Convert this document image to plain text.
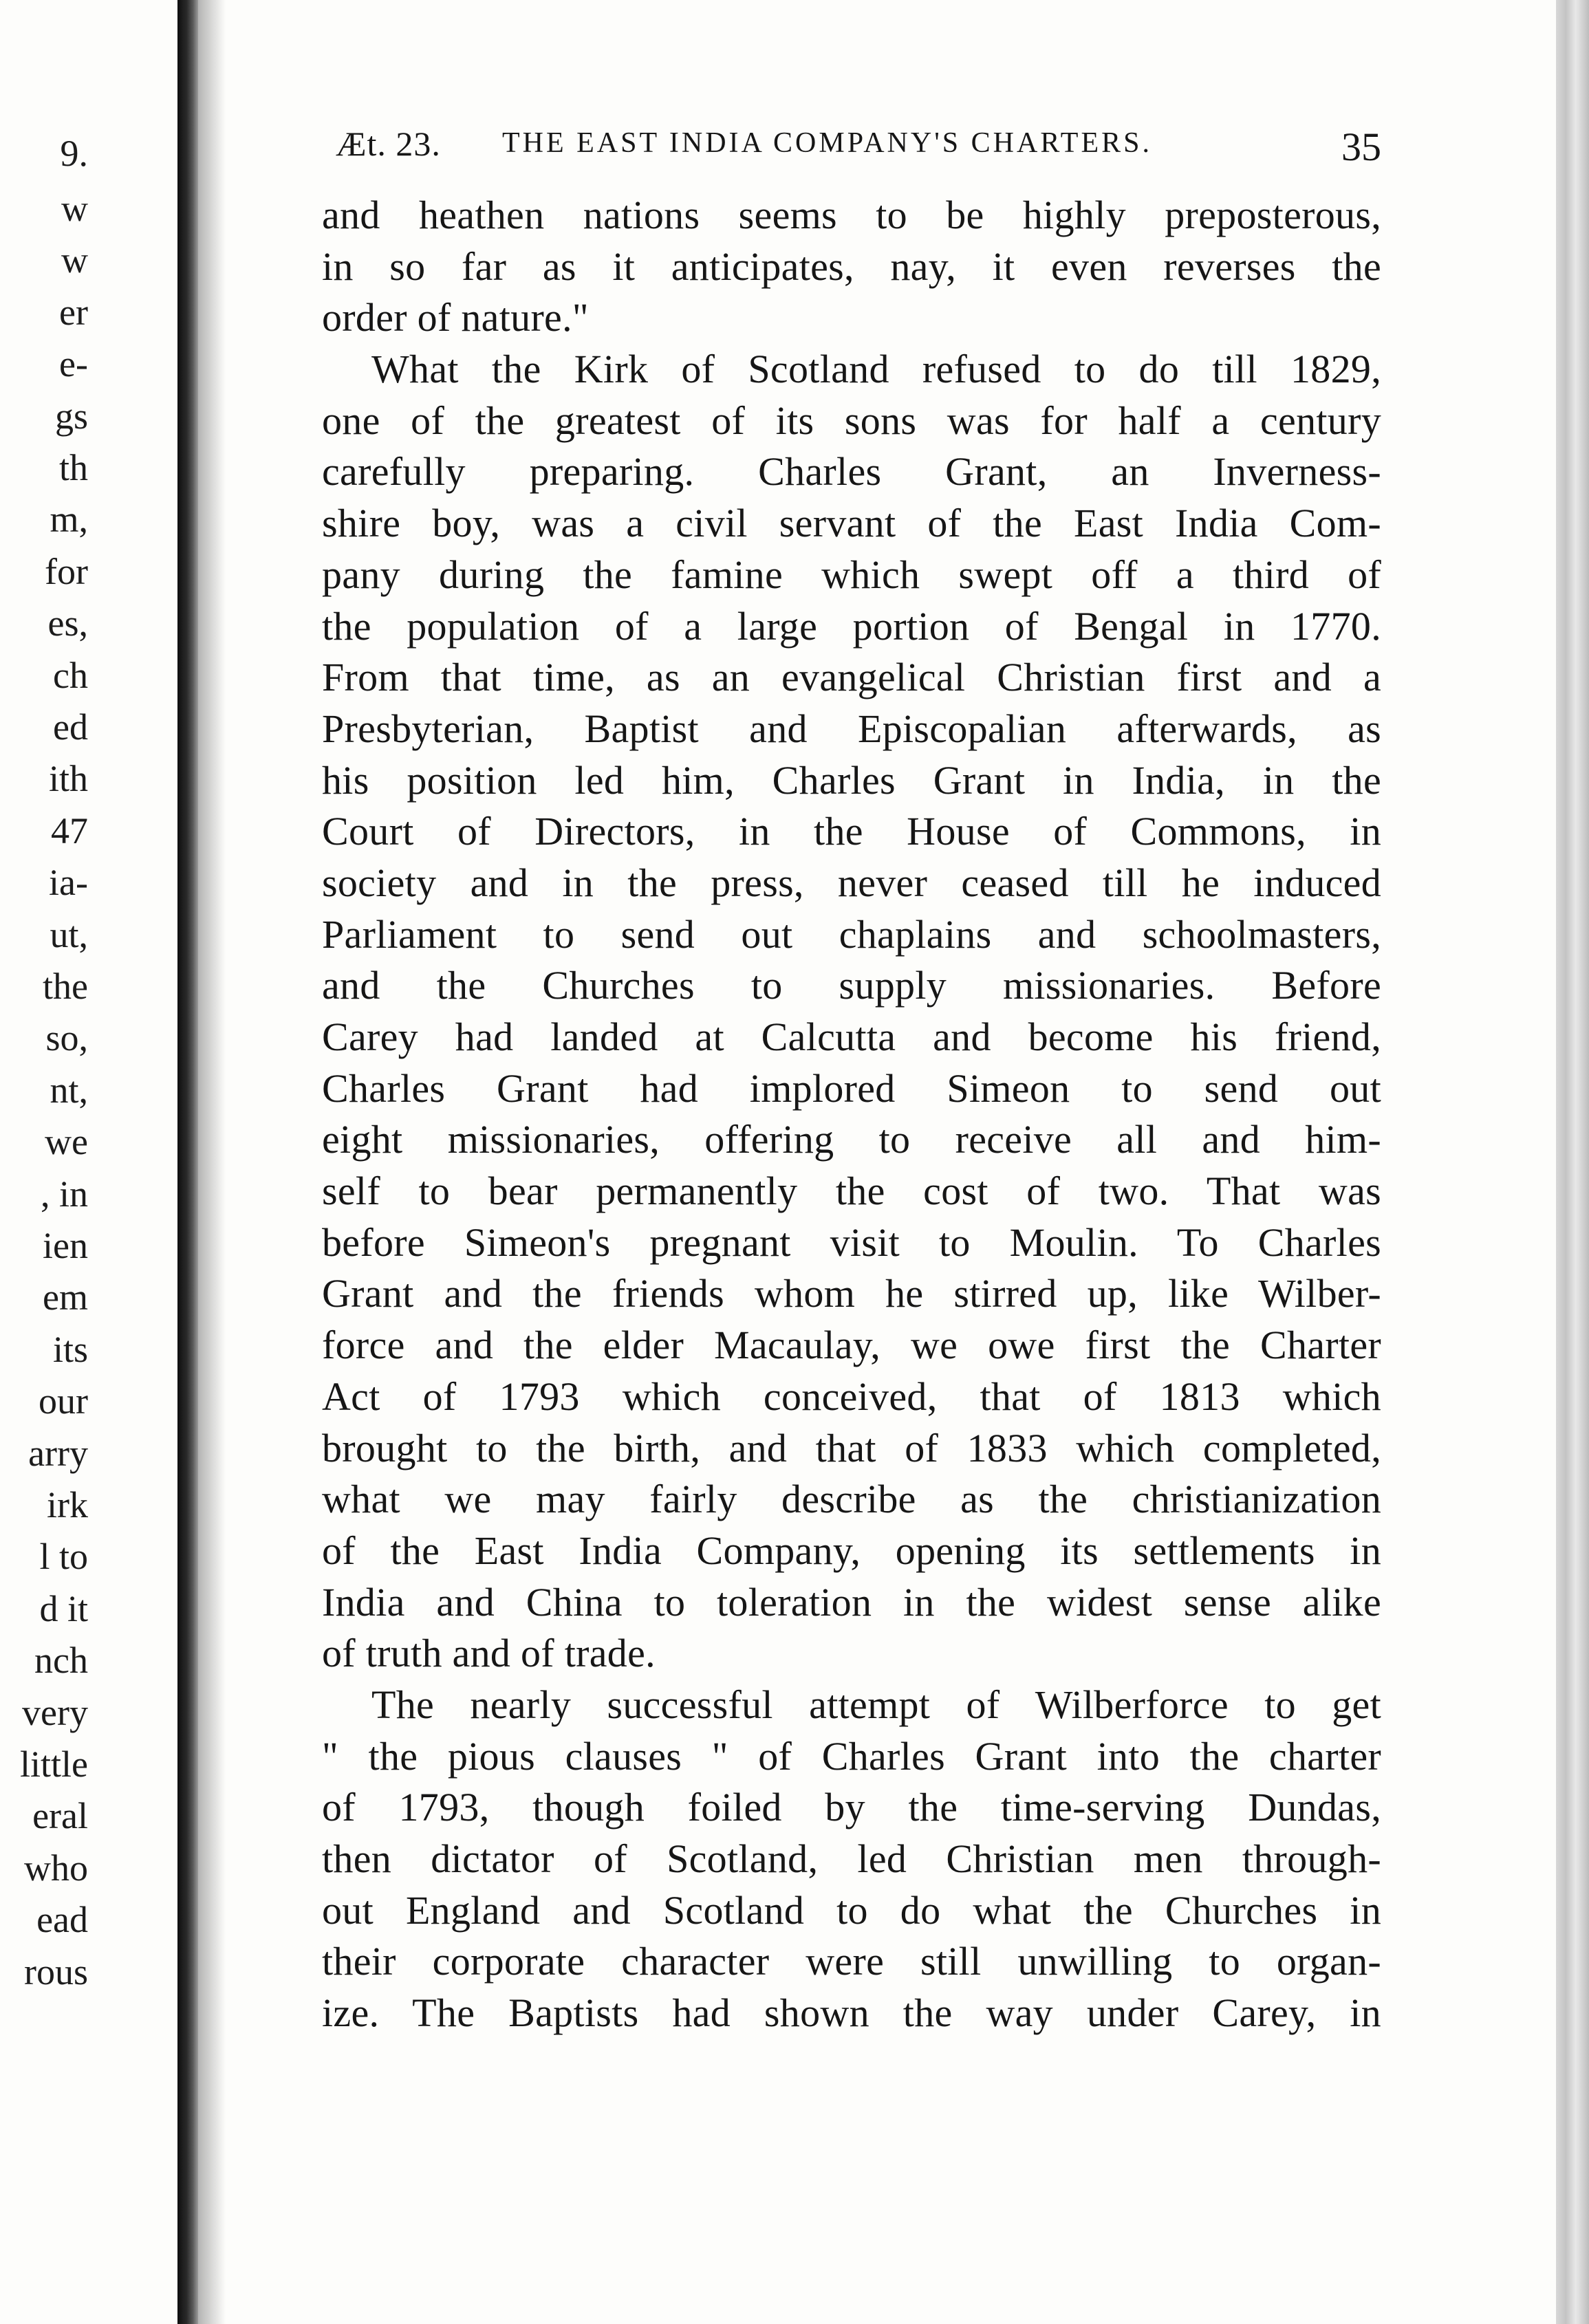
9.
w
w
er
e-
gs
th
m,
for
es,
ch
ed
ith
47
ia-
ut,
the
so,
nt,
we
, in
ien
em
its
our
arry
irk
l to
d it
nch
very
little
eral
who
ead
rous
Æt. 23. THE EAST INDIA COMPANY'S CHARTERS.	35
and heathen nations seems to be highly preposterous,
in so far as it anticipates, nay, it even reverses the
order of nature."
What the Kirk of Scotland refused to do till 1829,
one of the greatest of its sons was for half a century
carefully preparing. Charles Grant, an Inverness-
shire boy, was a civil servant of the East India Com-
pany during the famine which swept off a third of
the population of a large portion of Bengal in 1770.
From that time, as an evangelical Christian first and a
Presbyterian, Baptist and Episcopalian afterwards, as
his position led him, Charles Grant in India, in the
Court of Directors, in the House of Commons, in
society and in the press, never ceased till he induced
Parliament to send out chaplains and schoolmasters,
and the Churches to supply missionaries. Before
Carey had landed at Calcutta and become his friend,
Charles Grant had implored Simeon to send out
eight missionaries, offering to receive all and him-
self to bear permanently the cost of two. That was
before Simeon's pregnant visit to Moulin. To Charles
Grant and the friends whom he stirred up, like Wilber-
force and the elder Macaulay, we owe first the Charter
Act of 1793 which conceived, that of 1813 which
brought to the birth, and that of 1833 which completed,
what we may fairly describe as the christianization
of the East India Company, opening its settlements in
India and China to toleration in the widest sense alike
of truth and of trade.
The nearly successful attempt of Wilberforce to get
" the pious clauses " of Charles Grant into the charter
of 1793, though foiled by the time-serving Dundas,
then dictator of Scotland, led Christian men through-
out England and Scotland to do what the Churches in
their corporate character were still unwilling to organ-
ize. The Baptists had shown the way under Carey, in
